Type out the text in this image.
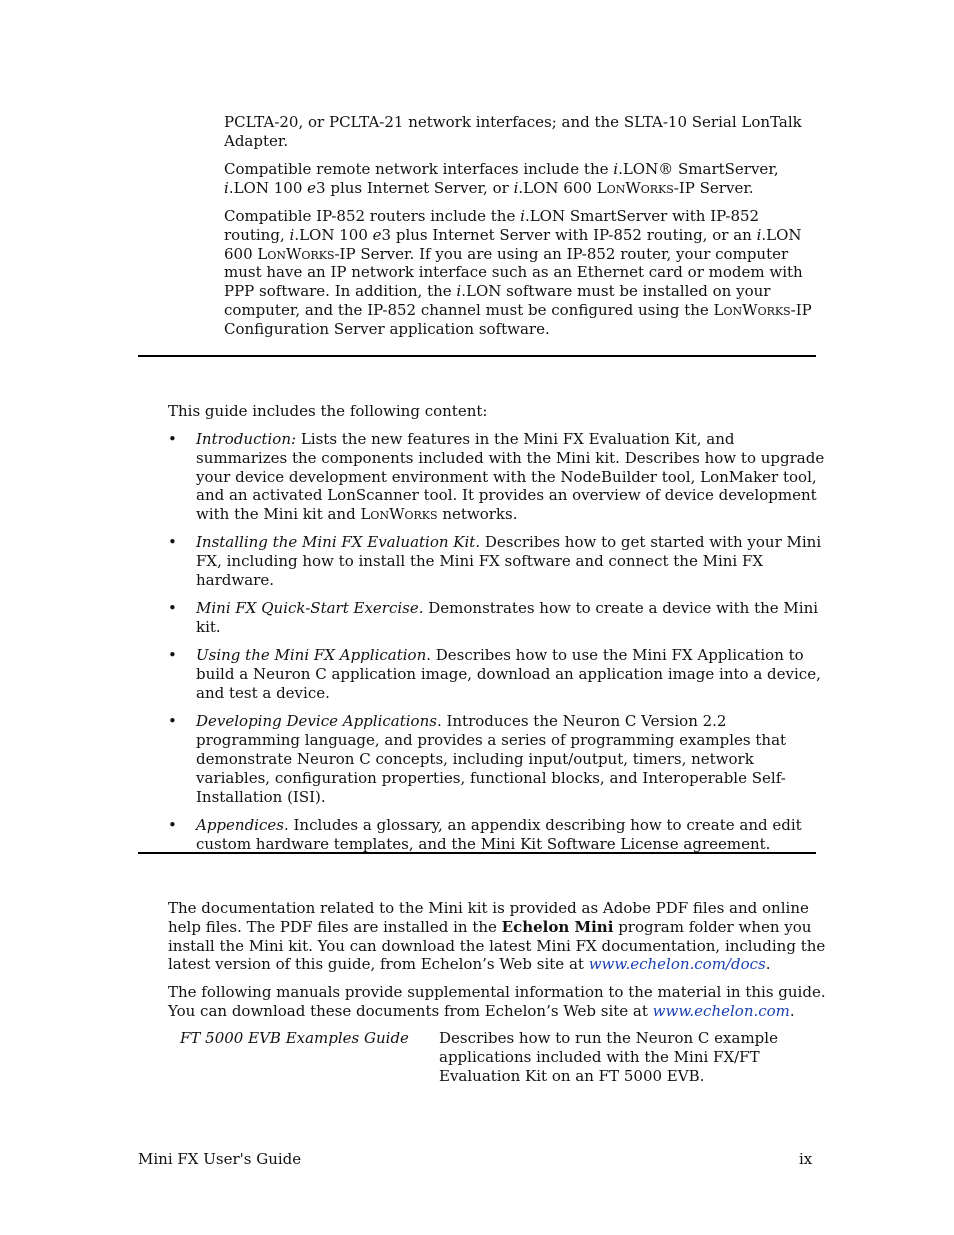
PCLTA-20, or PCLTA-21 network interfaces; and the SLTA-10 Serial LonTalk Adapter.

Compatible remote network interfaces include the i.LON® SmartServer, i.LON 100 e3 plus Internet Server, or i.LON 600 LonWorks-IP Server.

Compatible IP-852 routers include the i.LON SmartServer with IP-852 routing, i.LON 100 e3 plus Internet Server with IP-852 routing, or an i.LON 600 LonWorks-IP Server. If you are using an IP-852 router, your computer must have an IP network interface such as an Ethernet card or modem with PPP software. In addition, the i.LON software must be installed on your computer, and the IP-852 channel must be configured using the LonWorks-IP Configuration Server application software.

This guide includes the following content:

• Introduction: Lists the new features in the Mini FX Evaluation Kit, and summarizes the components included with the Mini kit. Describes how to upgrade your device development environment with the NodeBuilder tool, LonMaker tool, and an activated LonScanner tool. It provides an overview of device development with the Mini kit and LonWorks networks.
• Installing the Mini FX Evaluation Kit. Describes how to get started with your Mini FX, including how to install the Mini FX software and connect the Mini FX hardware.
• Mini FX Quick-Start Exercise. Demonstrates how to create a device with the Mini kit.
• Using the Mini FX Application. Describes how to use the Mini FX Application to build a Neuron C application image, download an application image into a device, and test a device.
• Developing Device Applications. Introduces the Neuron C Version 2.2 programming language, and provides a series of programming examples that demonstrate Neuron C concepts, including input/output, timers, network variables, configuration properties, functional blocks, and Interoperable Self-Installation (ISI).
• Appendices. Includes a glossary, an appendix describing how to create and edit custom hardware templates, and the Mini Kit Software License agreement.

The documentation related to the Mini kit is provided as Adobe PDF files and online help files. The PDF files are installed in the Echelon Mini program folder when you install the Mini kit. You can download the latest Mini FX documentation, including the latest version of this guide, from Echelon’s Web site at www.echelon.com/docs.

The following manuals provide supplemental information to the material in this guide. You can download these documents from Echelon’s Web site at www.echelon.com.

FT 5000 EVB Examples Guide Describes how to run the Neuron C example applications included with the Mini FX/FT Evaluation Kit on an FT 5000 EVB.
Mini FX User's Guide	ix
